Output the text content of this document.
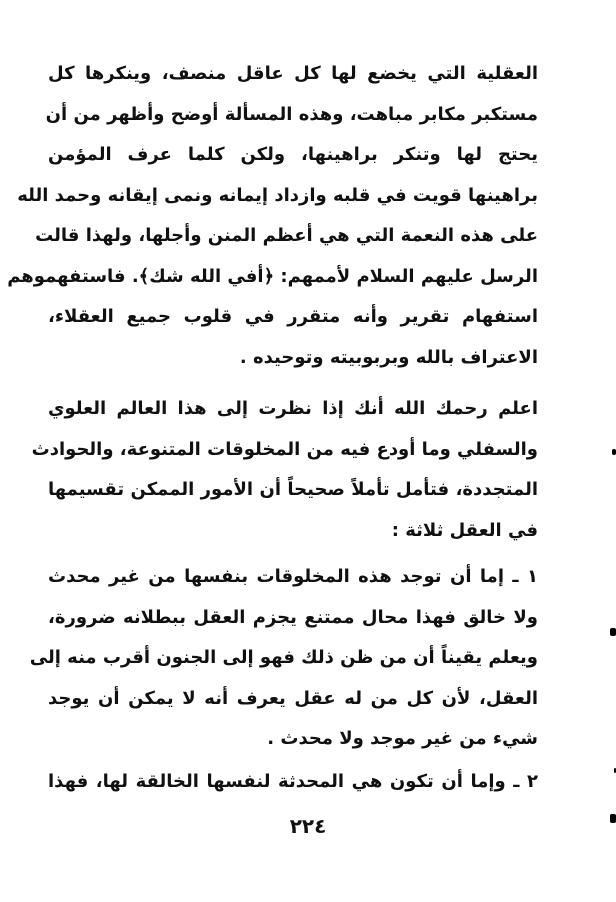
العقلية التي يخضع لها كل عاقل منصف، وينكرها كل
مستكبر مكابر مباهت، وهذه المسألة أوضح وأظهر من أن
يحتج لها وتنكر براهينها، ولكن كلما عرف المؤمن
براهينها قويت في قلبه وازداد إيمانه ونمى إيقانه وحمد الله
على هذه النعمة التي هي أعظم المنن وأجلها، ولهذا قالت
الرسل عليهم السلام لأممهم: ﴿أفي الله شك﴾. فاستفهموهم
استفهام تقرير وأنه متقرر في قلوب جميع العقلاء،
الاعتراف بالله وبربوبيته وتوحيده .
اعلم رحمك الله أنك إذا نظرت إلى هذا العالم العلوي
والسفلي وما أودع فيه من المخلوقات المتنوعة، والحوادث
المتجددة، فتأمل تأملاً صحيحاً أن الأمور الممكن تقسيمها
في العقل ثلاثة :
١ ـ إما أن توجد هذه المخلوقات بنفسها من غير محدث
ولا خالق فهذا محال ممتنع يجزم العقل ببطلانه ضرورة،
ويعلم يقيناً أن من ظن ذلك فهو إلى الجنون أقرب منه إلى
العقل، لأن كل من له عقل يعرف أنه لا يمكن أن يوجد
شيء من غير موجد ولا محدث .
٢ ـ وإما أن تكون هي المحدثة لنفسها الخالقة لها، فهذا
٢٢٤
